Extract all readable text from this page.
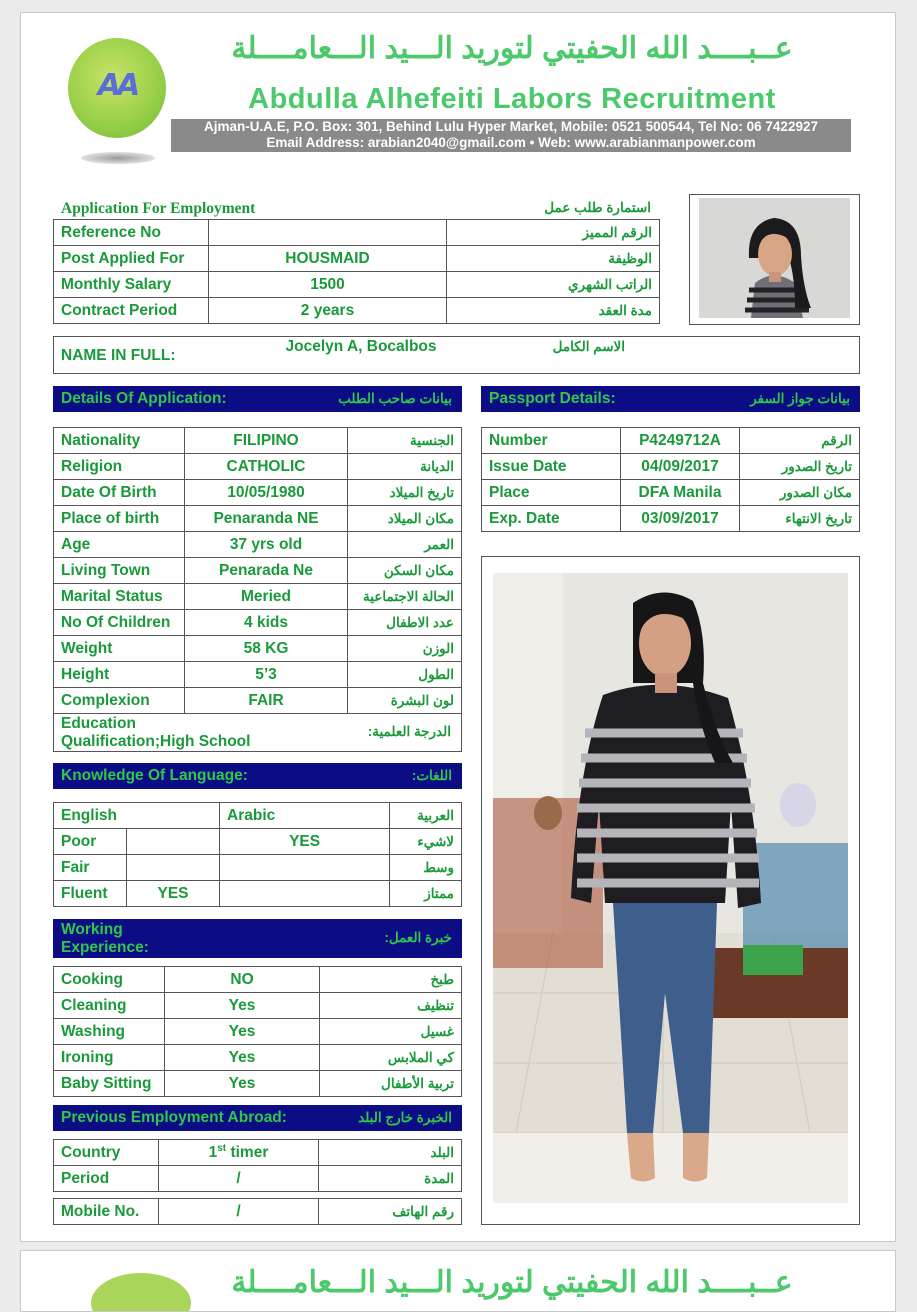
AA
عــبــــد الله الحفيتي لتوريد الـــيد الـــعامــــلة
Abdulla Alhefeiti Labors Recruitment
Ajman-U.A.E, P.O. Box: 301, Behind Lulu Hyper Market, Mobile: 0521 500544, Tel No: 06 7422927
Email Address: arabian2040@gmail.com • Web: www.arabianmanpower.com
Application For Employment	استمارة طلب عمل
Reference No		الرقم المميز
Post Applied For	HOUSMAID	الوظيفة
Monthly Salary	1500	الراتب الشهري
Contract Period	2 years	مدة العقد
NAME IN FULL:
Jocelyn A, Bocalbos	الاسم الكامل
Details Of Application:	بيانات صاحب الطلب
Nationality	FILIPINO	الجنسية
Religion	CATHOLIC	الديانة
Date Of Birth	10/05/1980	تاريخ الميلاد
Place of birth	Penaranda NE	مكان الميلاد
Age	37 yrs old	العمر
Living Town	Penarada Ne	مكان السكن
Marital Status	Meried	الحالة الاجتماعية
No Of Children	4 kids	عدد الاطفال
Weight	58 KG	الوزن
Height	5’3	الطول
Complexion	FAIR	لون البشرة
Education
Qualification;High School
الدرجة العلمية:
Passport Details:	بيانات جواز السفر
Number	P4249712A	الرقم
Issue Date	04/09/2017	تاريخ الصدور
Place	DFA Manila	مكان الصدور
Exp. Date	03/09/2017	تاريخ الانتهاء
Knowledge Of Language:	اللغات:
English		Arabic	العربية
Poor		YES	لاشيء
Fair			وسط
Fluent	YES		ممتاز
Working
Experience:
خبرة العمل:
Cooking	NO	طبخ
Cleaning	Yes	تنظيف
Washing	Yes	غسيل
Ironing	Yes	كي الملابس
Baby Sitting	Yes	تربية الأطفال
Previous Employment Abroad:	الخبرة خارج البلد
Country	1st timer	البلد
Period	/	المدة
Mobile No.	/	رقم الهاتف
عــبــــد الله الحفيتي لتوريد الـــيد الـــعامــــلة
